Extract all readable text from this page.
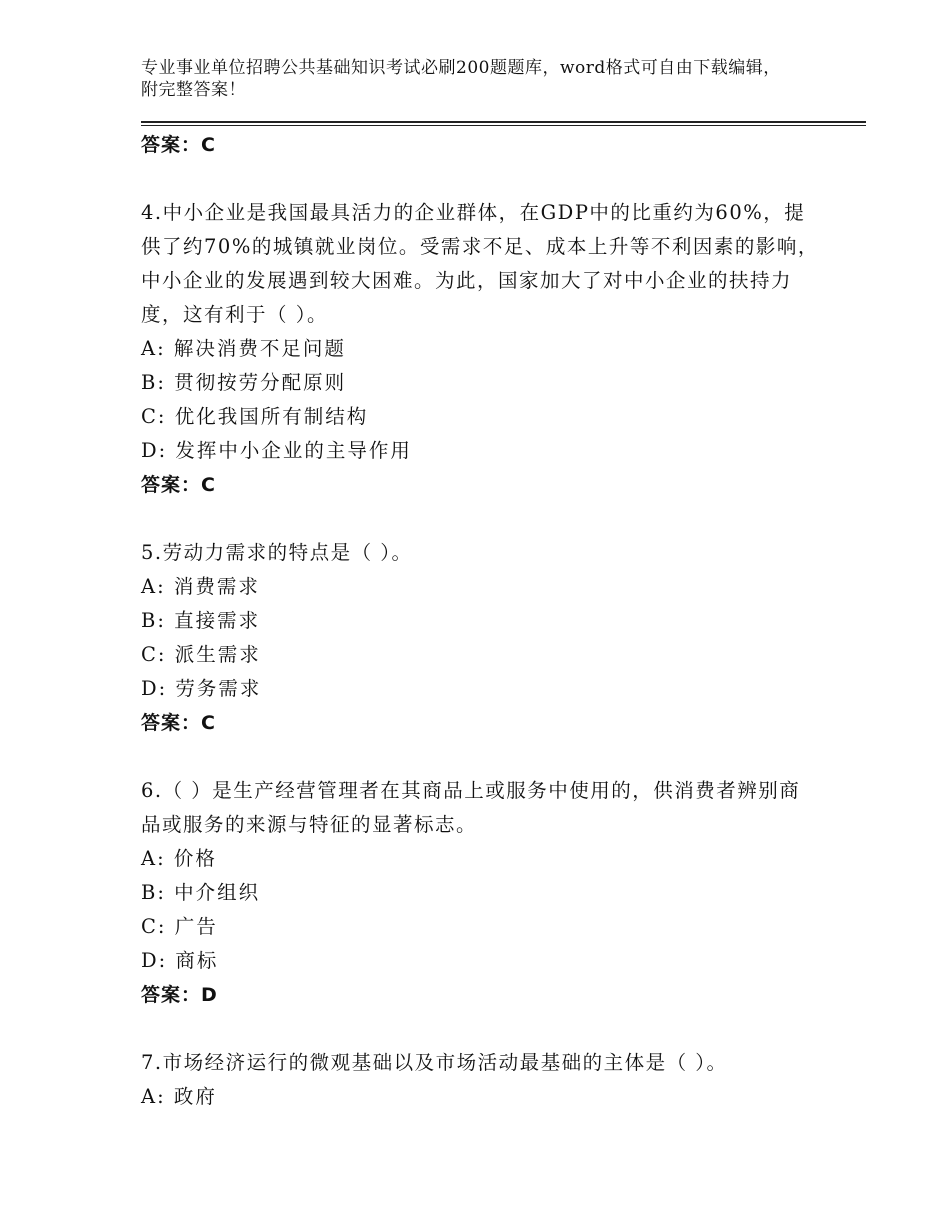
专业事业单位招聘公共基础知识考试必刷200题题库，word格式可自由下载编辑，附完整答案！
答案：C
4.中小企业是我国最具活力的企业群体，在GDP中的比重约为60%，提供了约70%的城镇就业岗位。受需求不足、成本上升等不利因素的影响，中小企业的发展遇到较大困难。为此，国家加大了对中小企业的扶持力度，这有利于（ ）。
A: 解决消费不足问题
B: 贯彻按劳分配原则
C: 优化我国所有制结构
D: 发挥中小企业的主导作用
答案：C
5.劳动力需求的特点是（ ）。
A: 消费需求
B: 直接需求
C: 派生需求
D: 劳务需求
答案：C
6.（ ）是生产经营管理者在其商品上或服务中使用的，供消费者辨别商品或服务的来源与特征的显著标志。
A: 价格
B: 中介组织
C: 广告
D: 商标
答案：D
7.市场经济运行的微观基础以及市场活动最基础的主体是（ ）。
A: 政府
